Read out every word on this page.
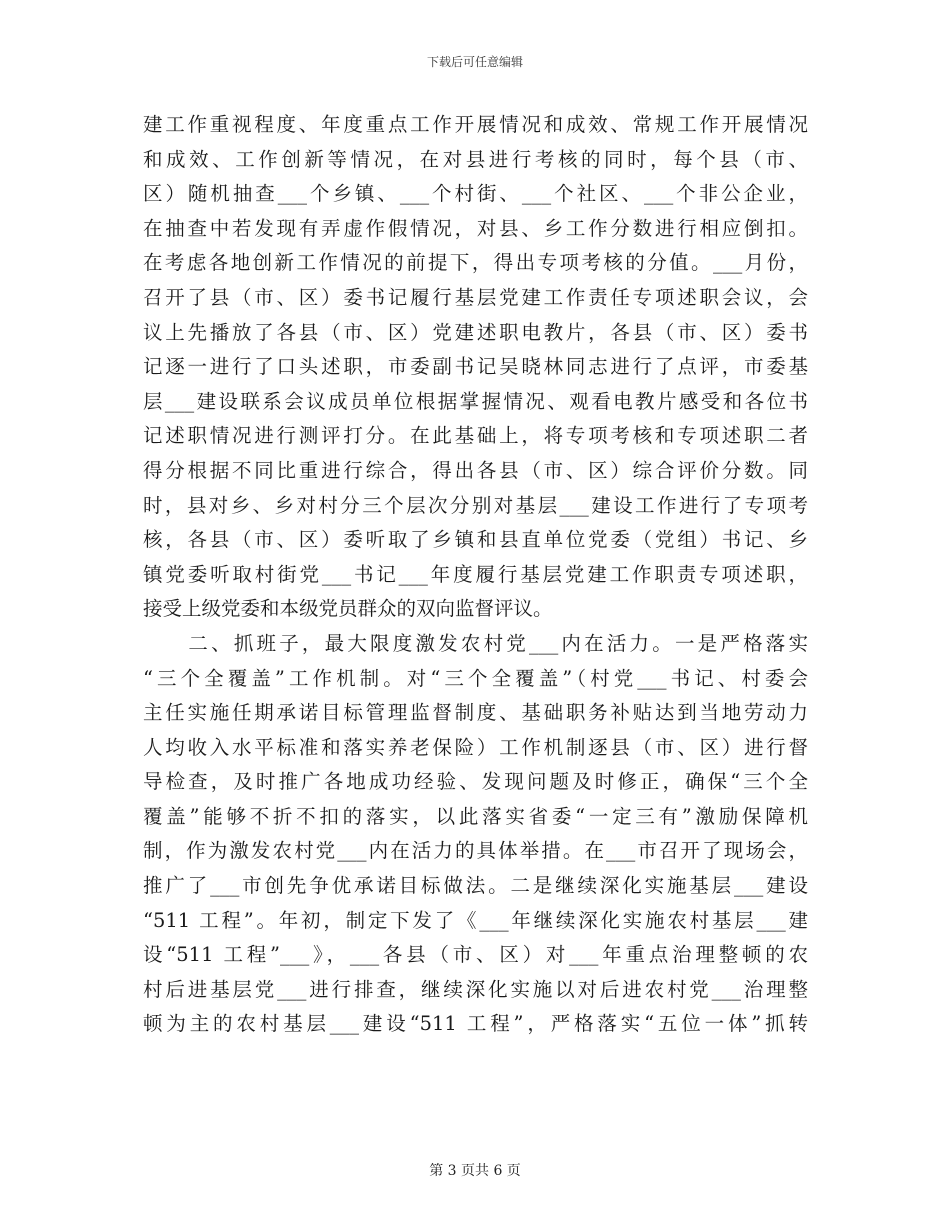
下载后可任意编辑
建工作重视程度、年度重点工作开展情况和成效、常规工作开展情况
和成效、工作创新等情况，在对县进行考核的同时，每个县（市、
区）随机抽查___个乡镇、___个村街、___个社区、___个非公企业，
在抽查中若发现有弄虚作假情况，对县、乡工作分数进行相应倒扣。
在考虑各地创新工作情况的前提下，得出专项考核的分值。___月份，
召开了县（市、区）委书记履行基层党建工作责任专项述职会议，会
议上先播放了各县（市、区）党建述职电教片，各县（市、区）委书
记逐一进行了口头述职，市委副书记吴晓林同志进行了点评，市委基
层___建设联系会议成员单位根据掌握情况、观看电教片感受和各位书
记述职情况进行测评打分。在此基础上，将专项考核和专项述职二者
得分根据不同比重进行综合，得出各县（市、区）综合评价分数。同
时，县对乡、乡对村分三个层次分别对基层___建设工作进行了专项考
核，各县（市、区）委听取了乡镇和县直单位党委（党组）书记、乡
镇党委听取村街党___书记___年度履行基层党建工作职责专项述职，
接受上级党委和本级党员群众的双向监督评议。
　　二、抓班子，最大限度激发农村党___内在活力。一是严格落实
“三个全覆盖”工作机制。对“三个全覆盖”（村党___书记、村委会
主任实施任期承诺目标管理监督制度、基础职务补贴达到当地劳动力
人均收入水平标准和落实养老保险）工作机制逐县（市、区）进行督
导检查，及时推广各地成功经验、发现问题及时修正，确保“三个全
覆盖”能够不折不扣的落实，以此落实省委“一定三有”激励保障机
制，作为激发农村党___内在活力的具体举措。在___市召开了现场会，
推广了___市创先争优承诺目标做法。二是继续深化实施基层___建设
“511 工程”。年初，制定下发了《___年继续深化实施农村基层___建
设“511 工程”___》，___各县（市、区）对___年重点治理整顿的农
村后进基层党___进行排查，继续深化实施以对后进农村党___治理整
顿为主的农村基层___建设“511 工程”，严格落实“五位一体”抓转
第 3 页共 6 页
